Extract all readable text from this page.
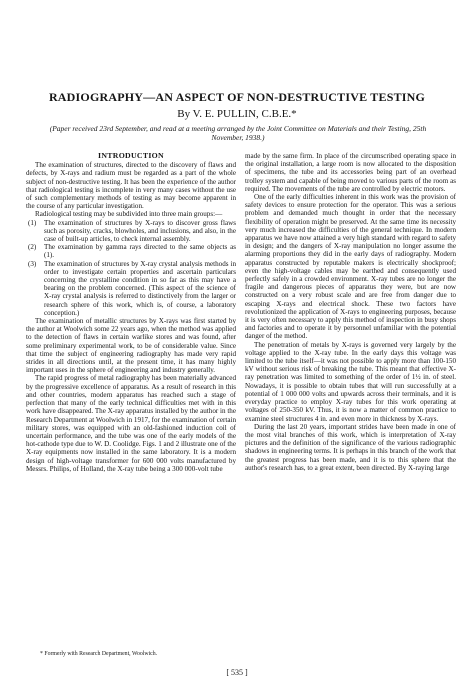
RADIOGRAPHY—AN ASPECT OF NON-DESTRUCTIVE TESTING
By V. E. PULLIN, C.B.E.*
(Paper received 23rd September, and read at a meeting arranged by the Joint Committee on Materials and their Testing, 25th November, 1938.)
INTRODUCTION

The examination of structures, directed to the discovery of flaws and defects, by X-rays and radium must be regarded as a part of the whole subject of non-destructive testing. It has been the experience of the author that radiological testing is incomplete in very many cases without the use of such complementary methods of testing as may become apparent in the course of any particular investigation.

Radiological testing may be subdivided into three main groups:—

(1)	The examination of structures by X-rays to discover gross flaws such as porosity, cracks, blowholes, and inclusions, and also, in the case of built-up articles, to check internal assembly.
(2)	The examination by gamma rays directed to the same objects as (1).
(3)	The examination of structures by X-ray crystal analysis methods in order to investigate certain properties and ascertain particulars concerning the crystalline condition in so far as this may have a bearing on the problem concerned. (This aspect of the science of X-ray crystal analysis is referred to distinctively from the larger or research sphere of this work, which is, of course, a laboratory conception.)

The examination of metallic structures by X-rays was first started by the author at Woolwich some 22 years ago, when the method was applied to the detection of flaws in certain warlike stores and was found, after some preliminary experimental work, to be of considerable value. Since that time the subject of engineering radiography has made very rapid strides in all directions until, at the present time, it has many highly important uses in the sphere of engineering and industry generally.

The rapid progress of metal radiography has been materially advanced by the progressive excellence of apparatus. As a result of research in this and other countries, modern apparatus has reached such a stage of perfection that many of the early technical difficulties met with in this work have disappeared. The X-ray apparatus installed by the author in the Research Department at Woolwich in 1917, for the examination of certain military stores, was equipped with an old-fashioned induction coil of uncertain performance, and the tube was one of the early models of the hot-cathode type due to W. D. Coolidge. Figs. 1 and 2 illustrate one of the X-ray equipments now installed in the same laboratory. It is a modern design of high-voltage transformer for 600 000 volts manufactured by Messrs. Philips, of Holland, the X-ray tube being a 300 000-volt tube

made by the same firm. In place of the circumscribed operating space in the original installation, a large room is now allocated to the disposition of specimens, the tube and its accessories being part of an overhead trolley system and capable of being moved to various parts of the room as required. The movements of the tube are controlled by electric motors.

One of the early difficulties inherent in this work was the provision of safety devices to ensure protection for the operator. This was a serious problem and demanded much thought in order that the necessary flexibility of operation might be preserved. At the same time its necessity very much increased the difficulties of the general technique. In modern apparatus we have now attained a very high standard with regard to safety in design; and the dangers of X-ray manipulation no longer assume the alarming proportions they did in the early days of radiography. Modern apparatus constructed by reputable makers is electrically shockproof; even the high-voltage cables may be earthed and consequently used perfectly safely in a crowded environment. X-ray tubes are no longer the fragile and dangerous pieces of apparatus they were, but are now constructed on a very robust scale and are free from danger due to escaping X-rays and electrical shock. These two factors have revolutionized the application of X-rays to engineering purposes, because it is very often necessary to apply this method of inspection in busy shops and factories and to operate it by personnel unfamiliar with the potential danger of the method.

The penetration of metals by X-rays is governed very largely by the voltage applied to the X-ray tube. In the early days this voltage was limited to the tube itself—it was not possible to apply more than 100-150 kV without serious risk of breaking the tube. This meant that effective X-ray penetration was limited to something of the order of 1½ in. of steel. Nowadays, it is possible to obtain tubes that will run successfully at a potential of 1 000 000 volts and upwards across their terminals, and it is everyday practice to employ X-ray tubes for this work operating at voltages of 250-350 kV. Thus, it is now a matter of common practice to examine steel structures 4 in. and even more in thickness by X-rays.

During the last 20 years, important strides have been made in one of the most vital branches of this work, which is interpretation of X-ray pictures and the definition of the significance of the various radiographic shadows in engineering terms. It is perhaps in this branch of the work that the greatest progress has been made, and it is to this sphere that the author's research has, to a great extent, been directed. By X-raying large

* Formerly with Research Department, Woolwich.
[ 535 ]
